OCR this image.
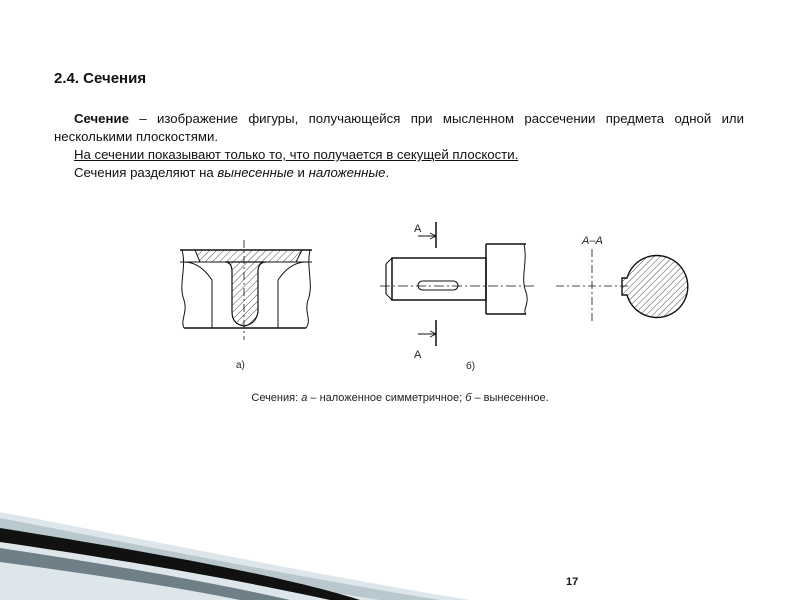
2.4. Сечения

Сечение – изображение фигуры, получающейся при мысленном рассечении предмета одной или несколькими плоскостями.

На сечении показывают только то, что получается в секущей плоскости.

Сечения разделяют на вынесенные и наложенные.

а)
А
А
А–А
б)
Сечения: а – наложенное симметричное; б – вынесенное.
17
